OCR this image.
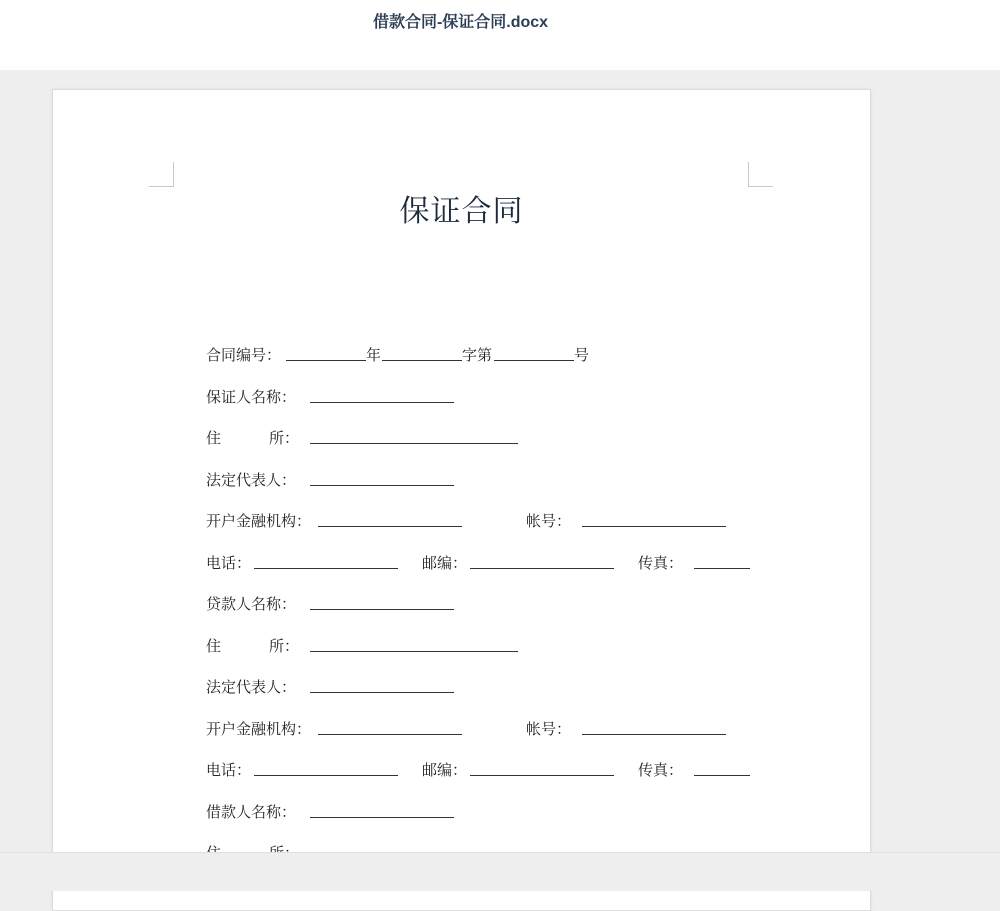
借款合同-保证合同.docx
保证合同
合同编号：	年	字第	号
保证人名称：
住	所：
法定代表人：
开户金融机构：	帐号：
电话：	邮编：	传真：
贷款人名称：
住	所：
法定代表人：
开户金融机构：	帐号：
电话：	邮编：	传真：
借款人名称：
